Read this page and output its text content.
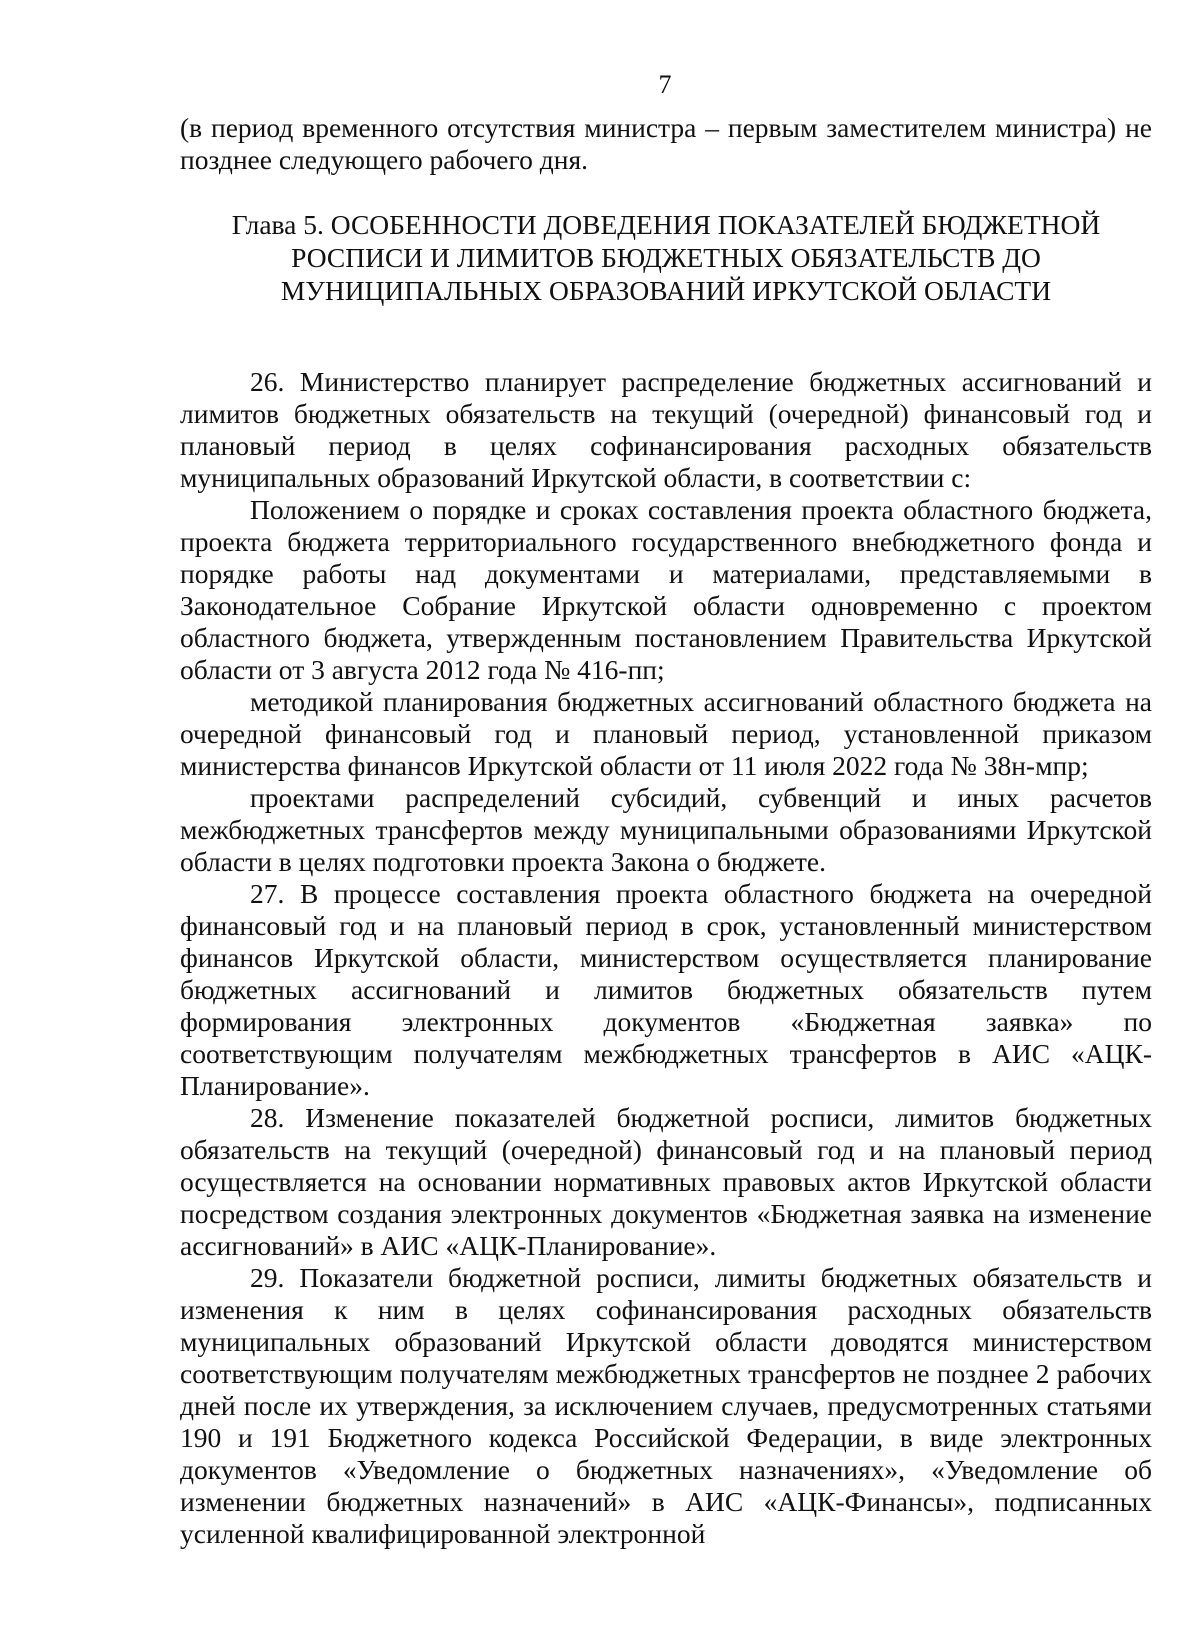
7

(в период временного отсутствия министра – первым заместителем министра) не позднее следующего рабочего дня.

Глава 5. ОСОБЕННОСТИ ДОВЕДЕНИЯ ПОКАЗАТЕЛЕЙ БЮДЖЕТНОЙ РОСПИСИ И ЛИМИТОВ БЮДЖЕТНЫХ ОБЯЗАТЕЛЬСТВ ДО МУНИЦИПАЛЬНЫХ ОБРАЗОВАНИЙ ИРКУТСКОЙ ОБЛАСТИ

26. Министерство планирует распределение бюджетных ассигнований и лимитов бюджетных обязательств на текущий (очередной) финансовый год и плановый период в целях софинансирования расходных обязательств муниципальных образований Иркутской области, в соответствии с:

Положением о порядке и сроках составления проекта областного бюджета, проекта бюджета территориального государственного внебюджетного фонда и порядке работы над документами и материалами, представляемыми в Законодательное Собрание Иркутской области одновременно с проектом областного бюджета, утвержденным постановлением Правительства Иркутской области от 3 августа 2012 года № 416-пп;

методикой планирования бюджетных ассигнований областного бюджета на очередной финансовый год и плановый период, установленной приказом министерства финансов Иркутской области от 11 июля 2022 года № 38н-мпр;

проектами распределений субсидий, субвенций и иных расчетов межбюджетных трансфертов между муниципальными образованиями Иркутской области в целях подготовки проекта Закона о бюджете.

27. В процессе составления проекта областного бюджета на очередной финансовый год и на плановый период в срок, установленный министерством финансов Иркутской области, министерством осуществляется планирование бюджетных ассигнований и лимитов бюджетных обязательств путем формирования электронных документов «Бюджетная заявка» по соответствующим получателям межбюджетных трансфертов в АИС «АЦК-Планирование».

28. Изменение показателей бюджетной росписи, лимитов бюджетных обязательств на текущий (очередной) финансовый год и на плановый период осуществляется на основании нормативных правовых актов Иркутской области посредством создания электронных документов «Бюджетная заявка на изменение ассигнований» в АИС «АЦК-Планирование».

29. Показатели бюджетной росписи, лимиты бюджетных обязательств и изменения к ним в целях софинансирования расходных обязательств муниципальных образований Иркутской области доводятся министерством соответствующим получателям межбюджетных трансфертов не позднее 2 рабочих дней после их утверждения, за исключением случаев, предусмотренных статьями 190 и 191 Бюджетного кодекса Российской Федерации, в виде электронных документов «Уведомление о бюджетных назначениях», «Уведомление об изменении бюджетных назначений» в АИС «АЦК-Финансы», подписанных усиленной квалифицированной электронной
